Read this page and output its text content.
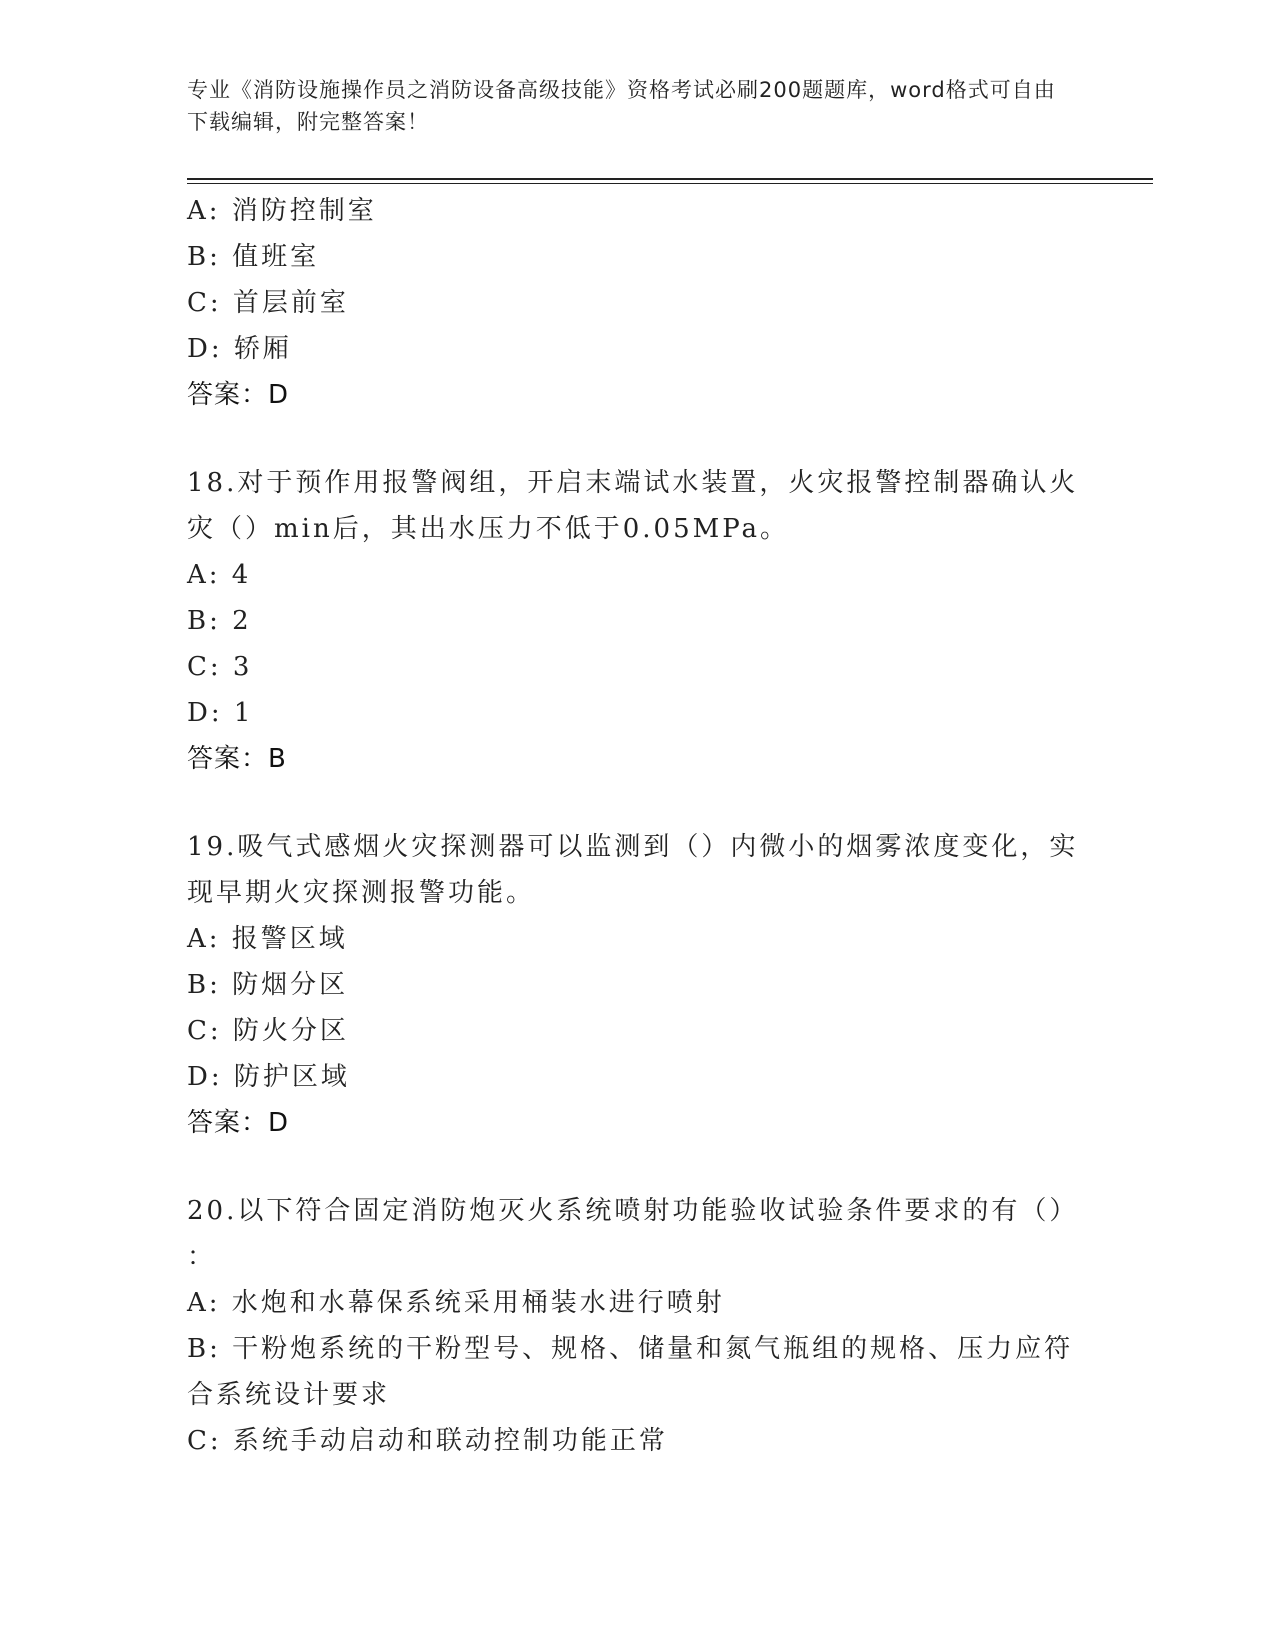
专业《消防设施操作员之消防设备高级技能》资格考试必刷200题题库，word格式可自由下载编辑，附完整答案！
A: 消防控制室
B: 值班室
C: 首层前室
D: 轿厢
答案：D
18.对于预作用报警阀组，开启末端试水装置，火灾报警控制器确认火
灾（）min后，其出水压力不低于0.05MPa。
A: 4
B: 2
C: 3
D: 1
答案：B
19.吸气式感烟火灾探测器可以监测到（）内微小的烟雾浓度变化，实
现早期火灾探测报警功能。
A: 报警区域
B: 防烟分区
C: 防火分区
D: 防护区域
答案：D
20.以下符合固定消防炮灭火系统喷射功能验收试验条件要求的有（）
：
A: 水炮和水幕保系统采用桶装水进行喷射
B: 干粉炮系统的干粉型号、规格、储量和氮气瓶组的规格、压力应符
合系统设计要求
C: 系统手动启动和联动控制功能正常
